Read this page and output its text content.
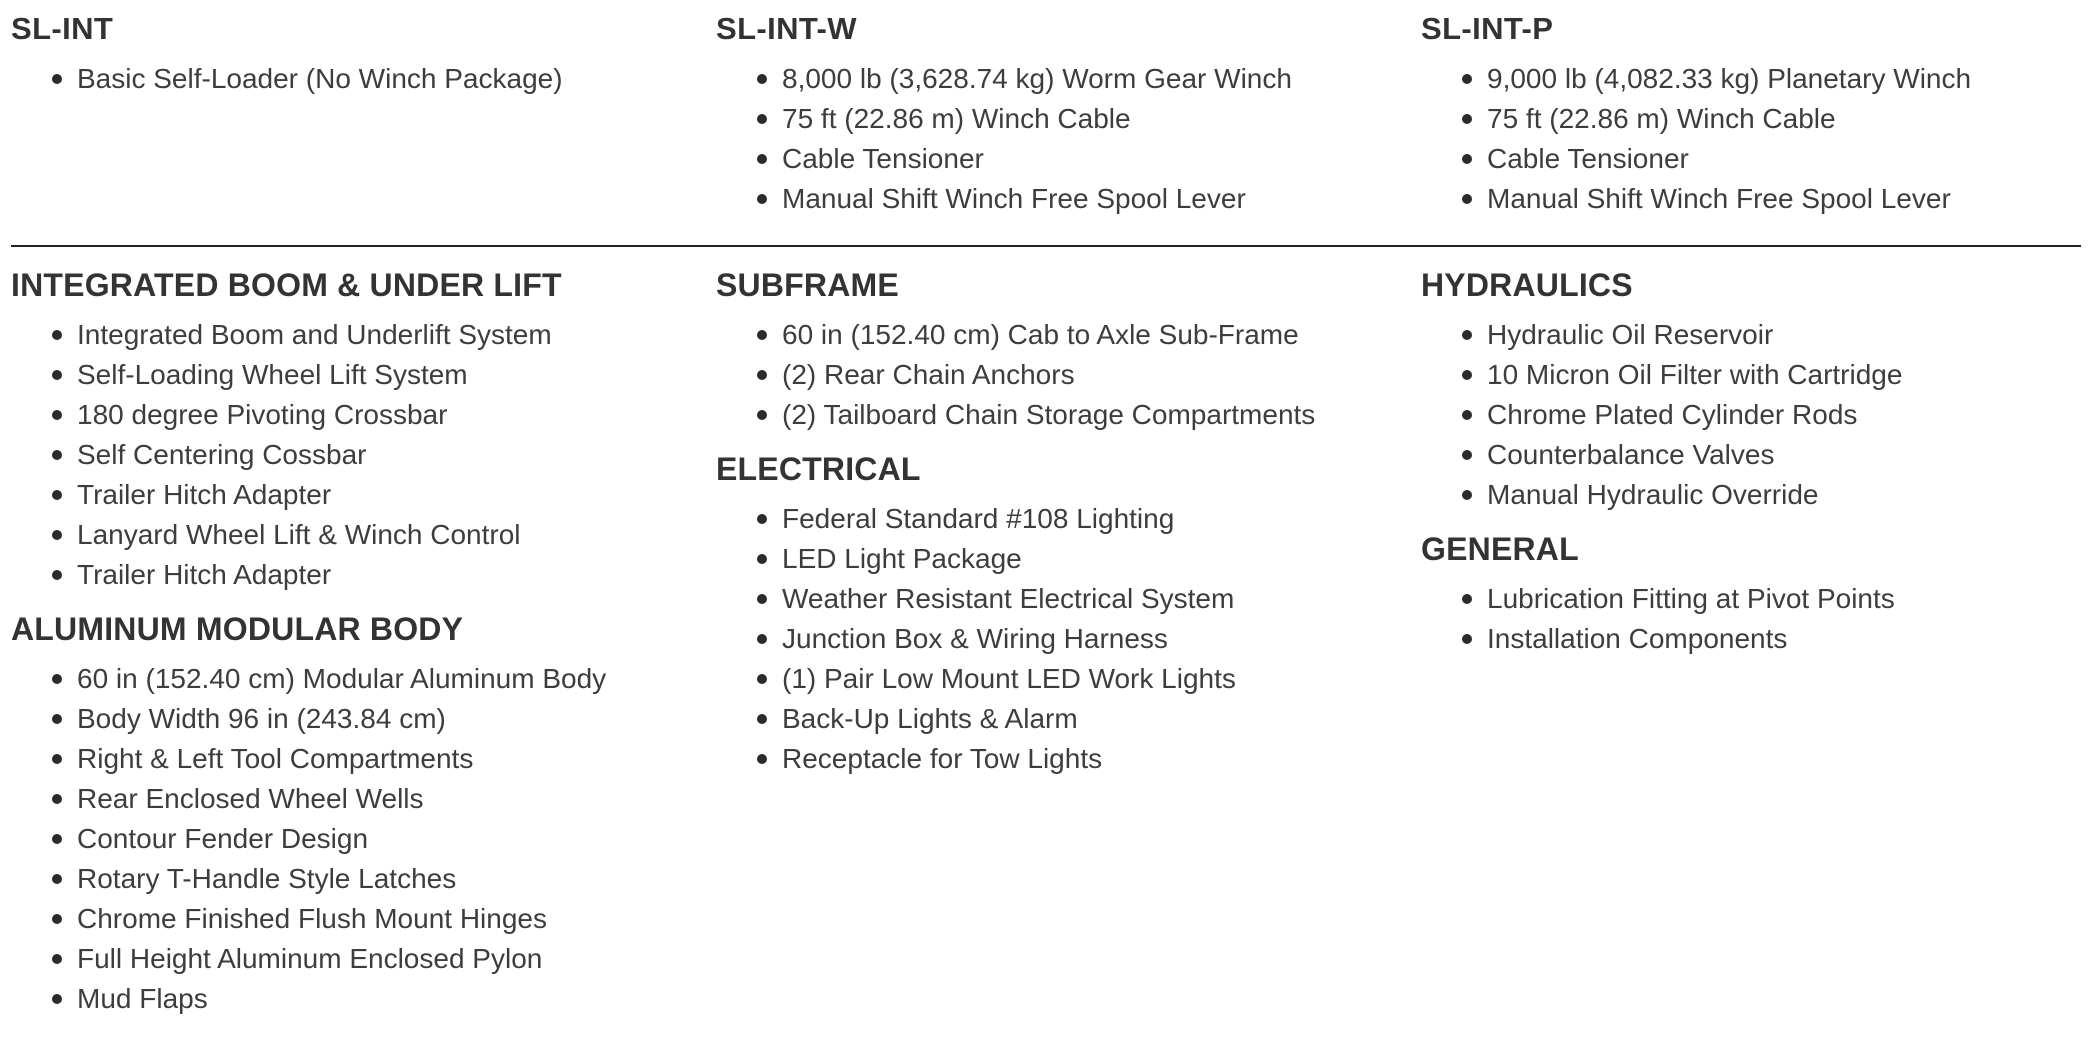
SL-INT
Basic Self-Loader (No Winch Package)
SL-INT-W
8,000 lb (3,628.74 kg) Worm Gear Winch
75 ft (22.86 m) Winch Cable
Cable Tensioner
Manual Shift Winch Free Spool Lever
SL-INT-P
9,000 lb (4,082.33 kg) Planetary Winch
75 ft (22.86 m) Winch Cable
Cable Tensioner
Manual Shift Winch Free Spool Lever
INTEGRATED BOOM & UNDER LIFT
Integrated Boom and Underlift System
Self-Loading Wheel Lift System
180 degree Pivoting Crossbar
Self Centering Cossbar
Trailer Hitch Adapter
Lanyard Wheel Lift & Winch Control
Trailer Hitch Adapter
ALUMINUM MODULAR BODY
60 in (152.40 cm) Modular Aluminum Body
Body Width 96 in (243.84 cm)
Right & Left Tool Compartments
Rear Enclosed Wheel Wells
Contour Fender Design
Rotary T-Handle Style Latches
Chrome Finished Flush Mount Hinges
Full Height Aluminum Enclosed Pylon
Mud Flaps
SUBFRAME
60 in (152.40 cm) Cab to Axle Sub-Frame
(2) Rear Chain Anchors
(2) Tailboard Chain Storage Compartments
ELECTRICAL
Federal Standard #108 Lighting
LED Light Package
Weather Resistant Electrical System
Junction Box & Wiring Harness
(1) Pair Low Mount LED Work Lights
Back-Up Lights & Alarm
Receptacle for Tow Lights
HYDRAULICS
Hydraulic Oil Reservoir
10 Micron Oil Filter with Cartridge
Chrome Plated Cylinder Rods
Counterbalance Valves
Manual Hydraulic Override
GENERAL
Lubrication Fitting at Pivot Points
Installation Components
